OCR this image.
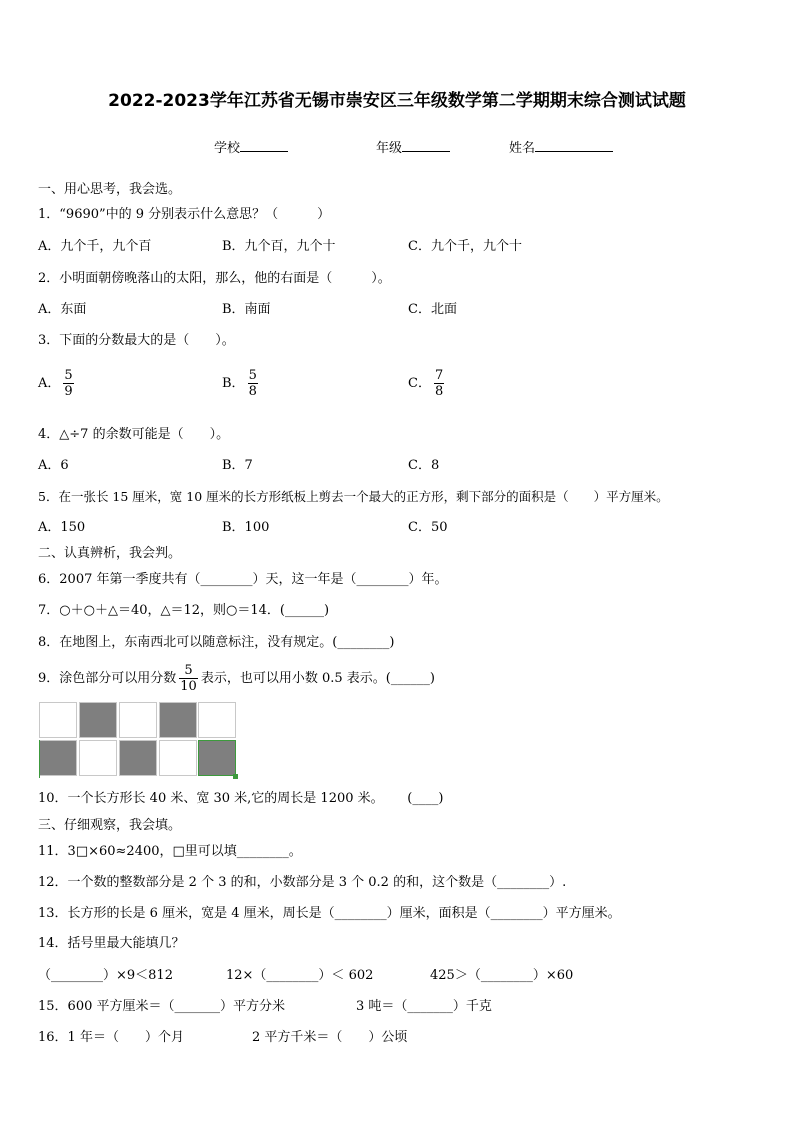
2022-2023学年江苏省无锡市崇安区三年级数学第二学期期末综合测试试题
学校	年级	姓名
一、用心思考，我会选。
1．“9690”中的 9 分别表示什么意思？（　　　）
A．九个千，九个百	B．九个百，九个十	C．九个千，九个十
2．小明面朝傍晚落山的太阳，那么，他的右面是（　　　）。
A．东面	B．南面	C．北面
3．下面的分数最大的是（　　）。
A． $\frac{5}{9}$	B． $\frac{5}{8}$	C． $\frac{7}{8}$
4．△÷7 的余数可能是（　　）。
A．6	B．7	C．8
5．在一张长 15 厘米，宽 10 厘米的长方形纸板上剪去一个最大的正方形，剩下部分的面积是（　　）平方厘米。
A．150	B．100	C．50
二、认真辨析，我会判。
6．2007 年第一季度共有（________）天，这一年是（________）年。
7．○＋○＋△＝40，△＝12，则○＝14．(______)
8．在地图上，东南西北可以随意标注，没有规定。(________)
9．涂色部分可以用分数 $\frac{5}{10}$ 表示，也可以用小数 0.5 表示。(______)
10．一个长方形长 40 米、宽 30 米,它的周长是 1200 米。　　 (____)
三、仔细观察，我会填。
11．3□×60≈2400，□里可以填________。
12．一个数的整数部分是 2 个 3 的和，小数部分是 3 个 0.2 的和，这个数是（________）.
13．长方形的长是 6 厘米，宽是 4 厘米，周长是（________）厘米，面积是（________）平方厘米。
14．括号里最大能填几？
（________）×9＜812	12×（________）＜ 602	425＞（________）×60
15．600 平方厘米＝（_______）平方分米	3 吨＝（_______）千克
16．1 年＝（　　）个月	2 平方千米＝（　　）公顷
